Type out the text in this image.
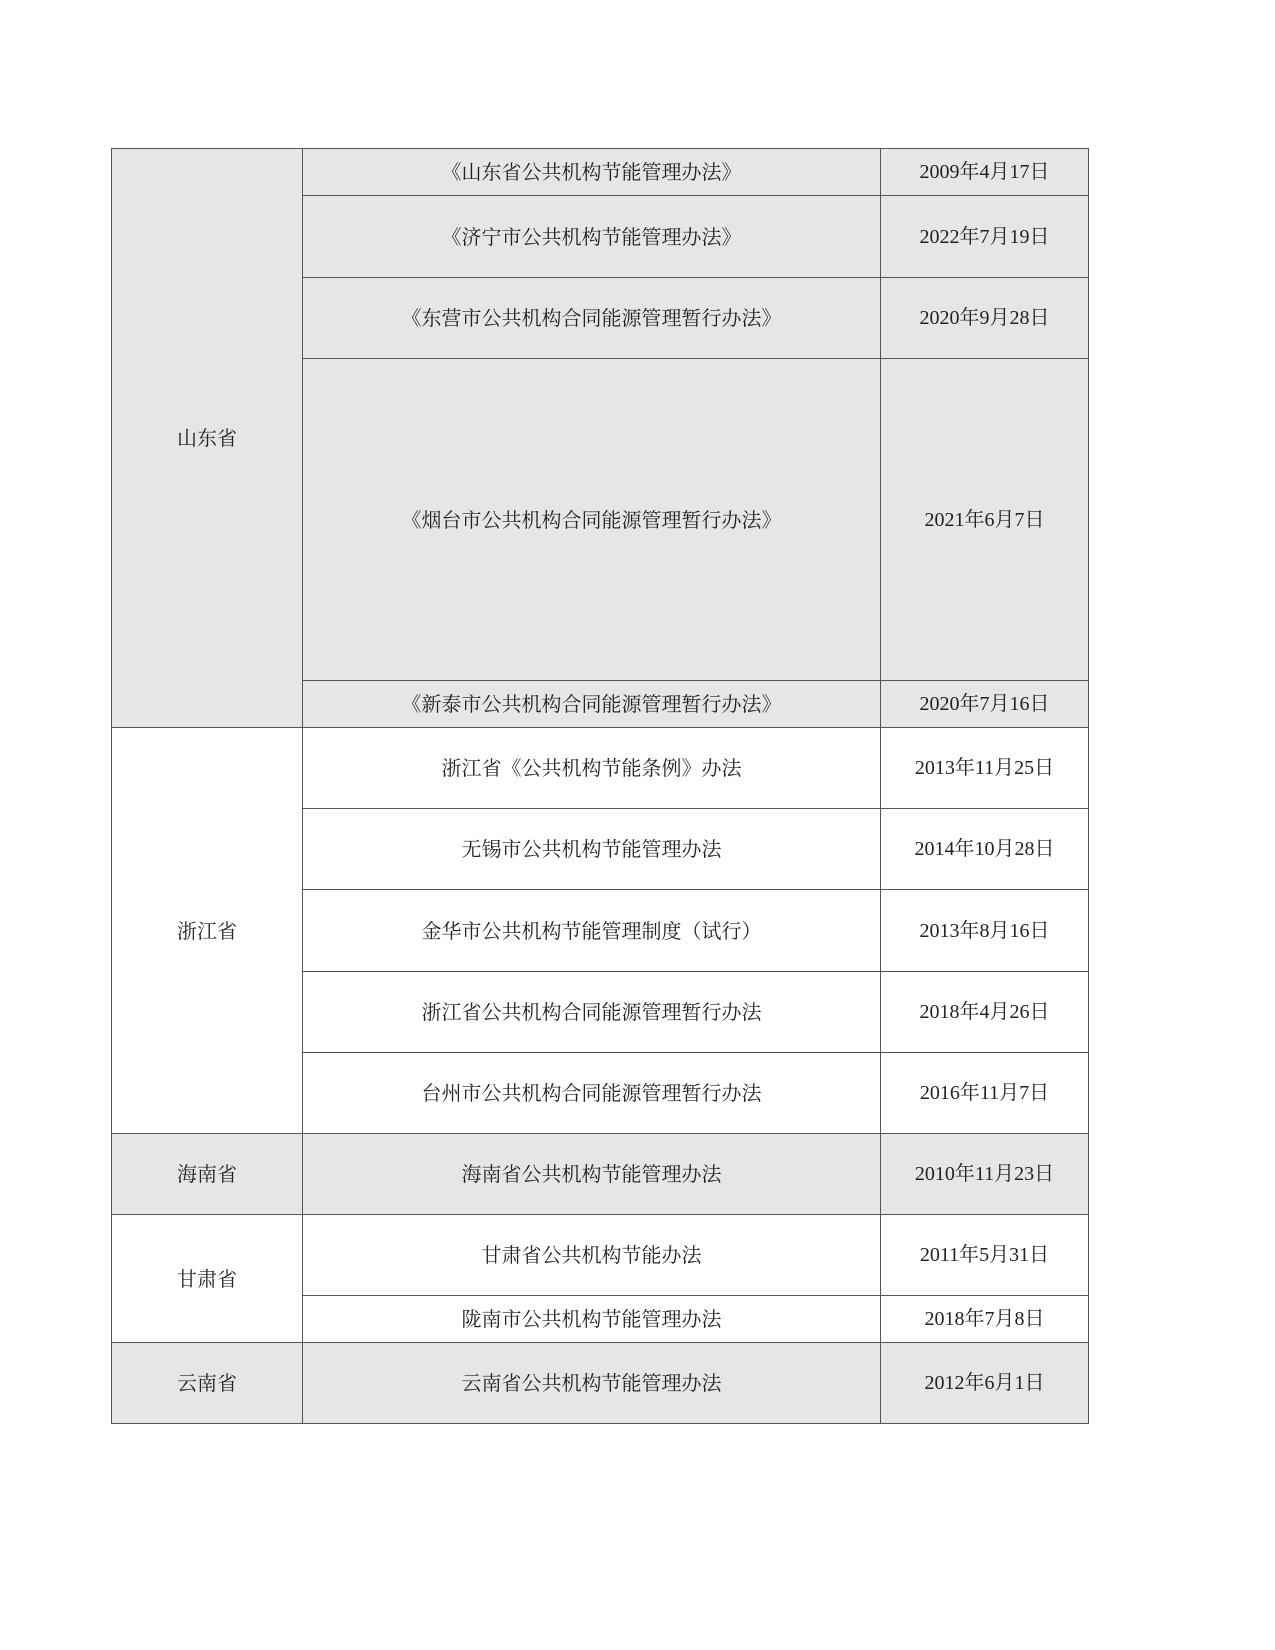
山东省	《山东省公共机构节能管理办法》	2009年4月17日
	《济宁市公共机构节能管理办法》	2022年7月19日
	《东营市公共机构合同能源管理暂行办法》	2020年9月28日
	《烟台市公共机构合同能源管理暂行办法》	2021年6月7日
	《新泰市公共机构合同能源管理暂行办法》	2020年7月16日
浙江省	浙江省《公共机构节能条例》办法	2013年11月25日
	无锡市公共机构节能管理办法	2014年10月28日
	金华市公共机构节能管理制度（试行）	2013年8月16日
	浙江省公共机构合同能源管理暂行办法	2018年4月26日
	台州市公共机构合同能源管理暂行办法	2016年11月7日
海南省	海南省公共机构节能管理办法	2010年11月23日
甘肃省	甘肃省公共机构节能办法	2011年5月31日
	陇南市公共机构节能管理办法	2018年7月8日
云南省	云南省公共机构节能管理办法	2012年6月1日
